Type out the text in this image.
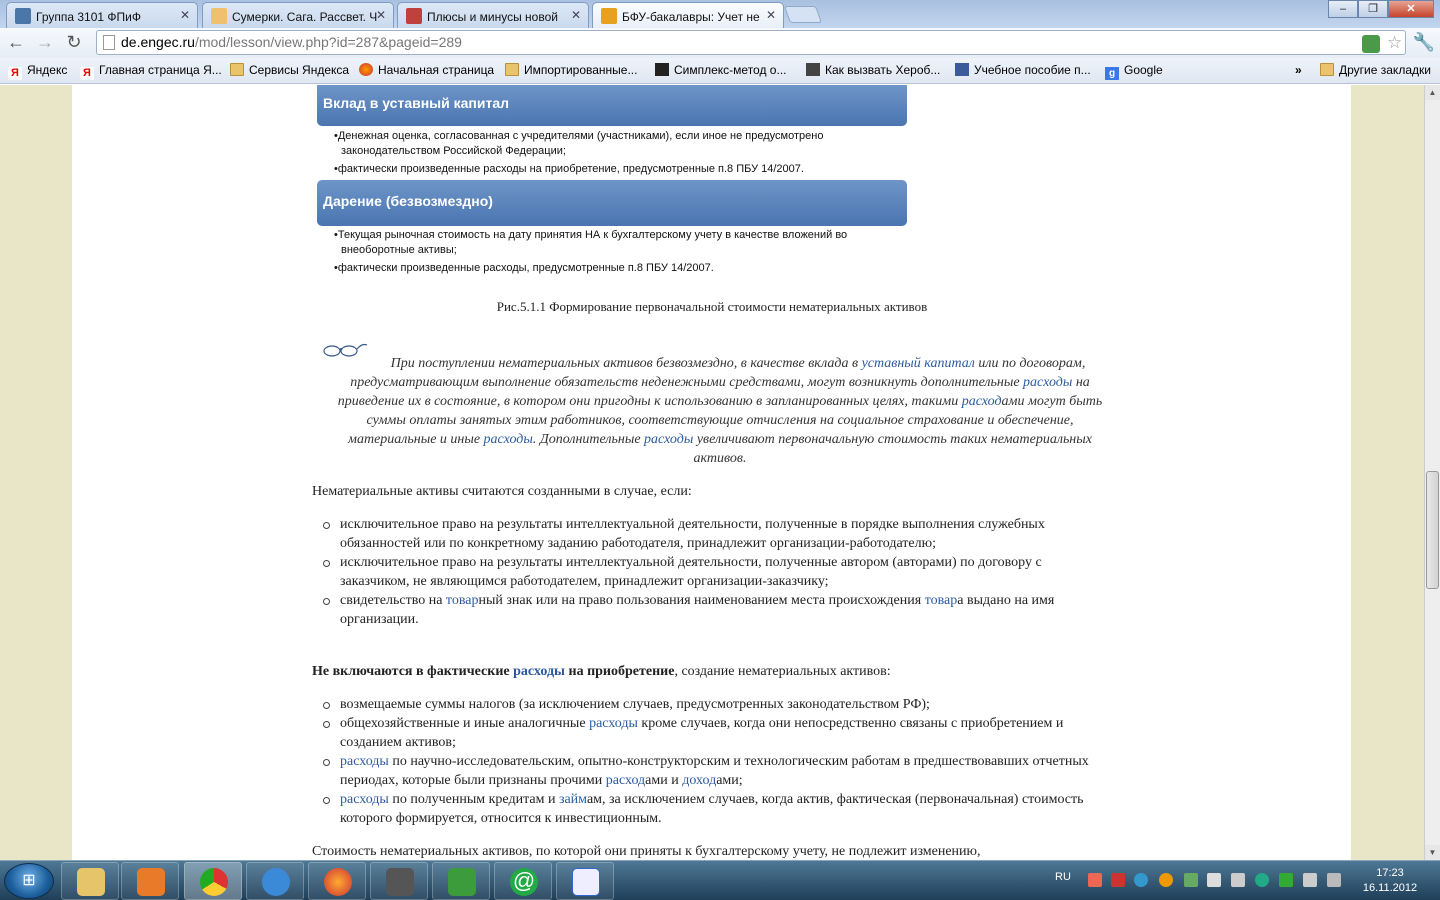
Группа 3101 ФПиФ	✕	Сумерки. Сага. Рассвет. Ч
✕	Плюсы и минусы новой ✕	БФУ-бакалавры: Учет не ✕	–	❐	✕
← → ↻	de.engec.ru/mod/lesson/view.php?id=287&pageid=289	☆ 🔧
Я Яндекс Я Главная страница Я...	Сервисы Яндекса	Начальная страница	Импортированные...	Симплекс-метод о...	Как вызвать Хероб...	Учебное пособие п...	g Google	»	Другие закладки
Вклад в уставный капитал

•Денежная оценка, согласованная с учредителями (участниками), если иное не предусмотрено законодательством Российской Федерации;

•фактически произведенные расходы на приобретение, предусмотренные п.8 ПБУ 14/2007.

Дарение (безвозмездно)

•Текущая рыночная стоимость на дату принятия НА к бухгалтерскому учету в качестве вложений во внеоборотные активы;

•фактически произведенные расходы, предусмотренные п.8 ПБУ 14/2007.

Рис.5.1.1 Формирование первоначальной стоимости нематериальных активов
При поступлении нематериальных активов безвозмездно, в качестве вклада в уставный капитал или по договорам, предусматривающим выполнение обязательств неденежными средствами, могут возникнуть дополнительные расходы на приведение их в состояние, в котором они пригодны к использованию в запланированных целях, такими расходами могут быть суммы оплаты занятых этим работников, соответствующие отчисления на социальное страхование и обеспечение, материальные и иные расходы. Дополнительные расходы увеличивают первоначальную стоимость таких нематериальных активов.

Нематериальные активы считаются созданными в случае, если:

исключительное право на результаты интеллектуальной деятельности, полученные в порядке выполнения служебных обязанностей или по конкретному заданию работодателя, принадлежит организации-работодателю;
исключительное право на результаты интеллектуальной деятельности, полученные автором (авторами) по договору с заказчиком, не являющимся работодателем, принадлежит организации-заказчику;
свидетельство на товарный знак или на право пользования наименованием места происхождения товара выдано на имя организации.

Не включаются в фактические расходы на приобретение, создание нематериальных активов:

возмещаемые суммы налогов (за исключением случаев, предусмотренных законодательством РФ);
общехозяйственные и иные аналогичные расходы кроме случаев, когда они непосредственно связаны с приобретением и созданием активов;
расходы по научно-исследовательским, опытно-конструкторским и технологическим работам в предшествовавших отчетных периодах, которые были признаны прочими расходами и доходами;
расходы по полученным кредитам и займам, за исключением случаев, когда актив, фактическая (первоначальная) стоимость которого формируется, относится к инвестиционным.

Стоимость нематериальных активов, по которой они приняты к бухгалтерскому учету, не подлежит изменению,

▲
▼
⊞	@	RU	17:23
16.11.2012
